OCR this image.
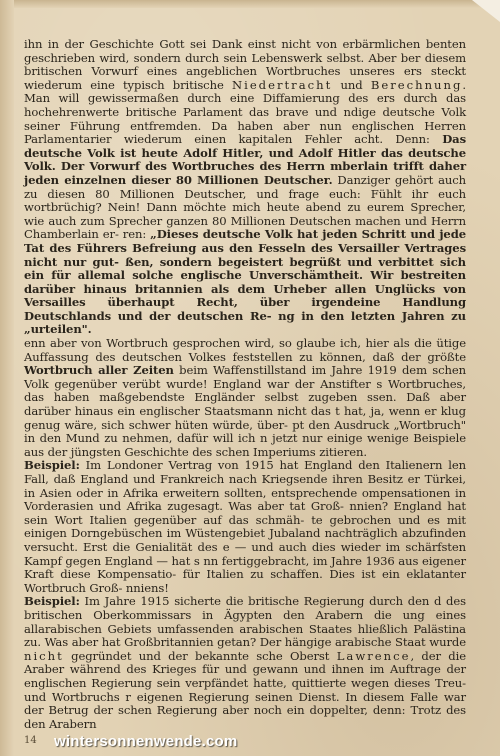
ihn in der Geschichte Gott sei Dank einst nicht von erbärmlichen benten geschrieben wird, sondern durch sein Lebenswerk selbst. Aber ber diesem britischen Vorwurf eines angeblichen Wortbruches unseres ers steckt wiederum eine typisch britische Niedertracht und Berechnung. Man will gewissermaßen durch eine Diffamierung des ers durch das hochehrenwerte britische Parlament das brave und ndige deutsche Volk seiner Führung entfremden. Da haben aber nun englischen Herren Parlamentarier wiederum einen kapitalen Fehler acht. Denn: Das deutsche Volk ist heute Adolf Hitler, und Adolf Hitler das deutsche Volk. Der Vorwurf des Wortbruches des Herrn mberlain trifft daher jeden einzelnen dieser 80 Millionen Deutscher. Danziger gehört auch zu diesen 80 Millionen Deutscher, und frage euch: Fühlt ihr euch wortbrüchig? Nein! Dann möchte mich heute abend zu eurem Sprecher, wie auch zum Sprecher ganzen 80 Millionen Deutschen machen und Herrn Chamberlain er- ren: „Dieses deutsche Volk hat jeden Schritt und jede Tat des Führers Befreiung aus den Fesseln des Versailler Vertrages nicht nur gut- ßen, sondern begeistert begrüßt und verbittet sich ein für allemal solche englische Unverschämtheit. Wir bestreiten darüber hinaus britannien als dem Urheber allen Unglücks von Versailles überhaupt Recht, über irgendeine Handlung Deutschlands und der deutschen Re- ng in den letzten Jahren zu „urteilen".

enn aber von Wortbruch gesprochen wird, so glaube ich, hier als die ütige Auffassung des deutschen Volkes feststellen zu können, daß der größte Wortbruch aller Zeiten beim Waffenstillstand im Jahre 1919 dem schen Volk gegenüber verübt wurde! England war der Anstifter s Wortbruches, das haben maßgebendste Engländer selbst zugeben ssen. Daß aber darüber hinaus ein englischer Staatsmann nicht das t hat, ja, wenn er klug genug wäre, sich schwer hüten würde, über- pt den Ausdruck „Wortbruch" in den Mund zu nehmen, dafür will ich n jetzt nur einige wenige Beispiele aus der jüngsten Geschichte des schen Imperiums zitieren.

Beispiel: Im Londoner Vertrag von 1915 hat England den Italienern len Fall, daß England und Frankreich nach Kriegsende ihren Besitz er Türkei, in Asien oder in Afrika erweitern sollten, entsprechende ompensationen in Vorderasien und Afrika zugesagt. Was aber tat Groß- nnien? England hat sein Wort Italien gegenüber auf das schmäh- te gebrochen und es mit einigen Dorngebüschen im Wüstengebiet Jubaland nachträglich abzufinden versucht. Erst die Genialität des e — und auch dies wieder im schärfsten Kampf gegen England — hat s nn fertiggebracht, im Jahre 1936 aus eigener Kraft diese Kompensatio- für Italien zu schaffen. Dies ist ein eklatanter Wortbruch Groß- nniens!

Beispiel: Im Jahre 1915 sicherte die britische Regierung durch den d des britischen Oberkommissars in Ägypten den Arabern die ung eines allarabischen Gebiets umfassenden arabischen Staates hließlich Palästina zu. Was aber hat Großbritannien getan? Der hängige arabische Staat wurde nicht gegründet und der bekannte sche Oberst Lawrence, der die Araber während des Krieges für und gewann und ihnen im Auftrage der englischen Regierung sein verpfändet hatte, quittierte wegen dieses Treu- und Wortbruchs r eigenen Regierung seinen Dienst. In diesem Falle war der Betrug der schen Regierung aber noch ein doppelter, denn: Trotz des den Arabern

14 wintersonnenwende.com
